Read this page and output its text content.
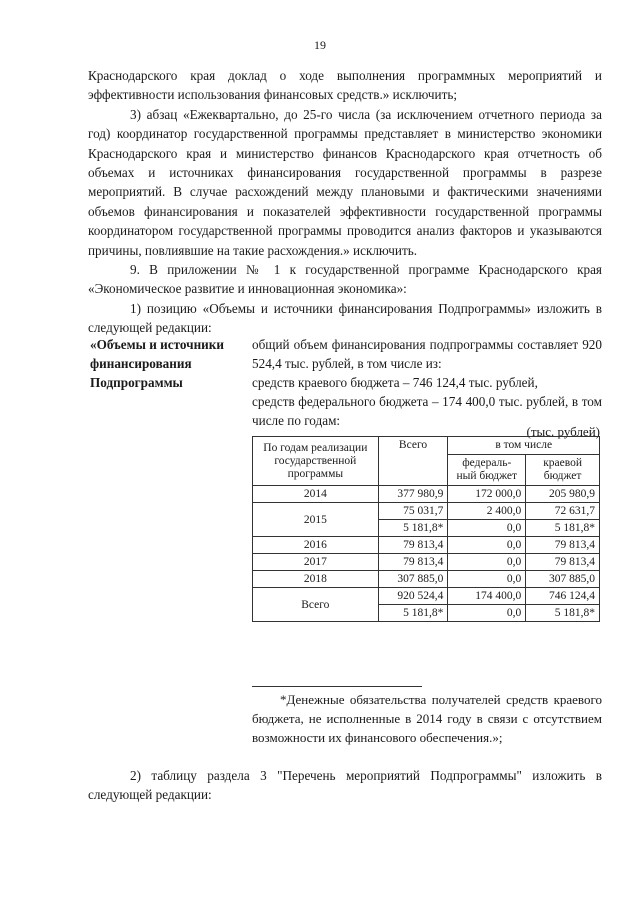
19

Краснодарского края доклад о ходе выполнения программных мероприятий и эффективности использования финансовых средств.» исключить;

3) абзац «Ежеквартально, до 25-го числа (за исключением отчетного периода за год) координатор государственной программы представляет в министерство экономики Краснодарского края и министерство финансов Краснодарского края отчетность об объемах и источниках финансирования государственной программы в разрезе мероприятий. В случае расхождений между плановыми и фактическими значениями объемов финансирования и показателей эффективности государственной программы координатором государственной программы проводится анализ факторов и указываются причины, повлиявшие на такие расхождения.» исключить.

9. В приложении № 1 к государственной программе Краснодарского края «Экономическое развитие и инновационная экономика»:

1) позицию «Объемы и источники финансирования Подпрограммы» изложить в следующей редакции:

«Объемы и источники финансирования Подпрограммы

общий объем финансирования подпрограммы составляет 920 524,4 тыс. рублей, в том числе из:

средств краевого бюджета – 746 124,4 тыс. рублей,

средств федерального бюджета – 174 400,0 тыс. рублей, в том числе по годам:

(тыс. рублей)
По годам реализации государственной программы	Всего	в том числе	
		федераль-ный бюджет	краевой бюджет
2014	377 980,9	172 000,0	205 980,9
2015	75 031,7	2 400,0	72 631,7
	5 181,8*	0,0	5 181,8*
2016	79 813,4	0,0	79 813,4
2017	79 813,4	0,0	79 813,4
2018	307 885,0	0,0	307 885,0
Всего	920 524,4	174 400,0	746 124,4
	5 181,8*	0,0	5 181,8*
*Денежные обязательства получателей средств краевого бюджета, не исполненные в 2014 году в связи с отсутствием возможности их финансового обеспечения.»;

2) таблицу раздела 3 "Перечень мероприятий Подпрограммы" изложить в следующей редакции:
